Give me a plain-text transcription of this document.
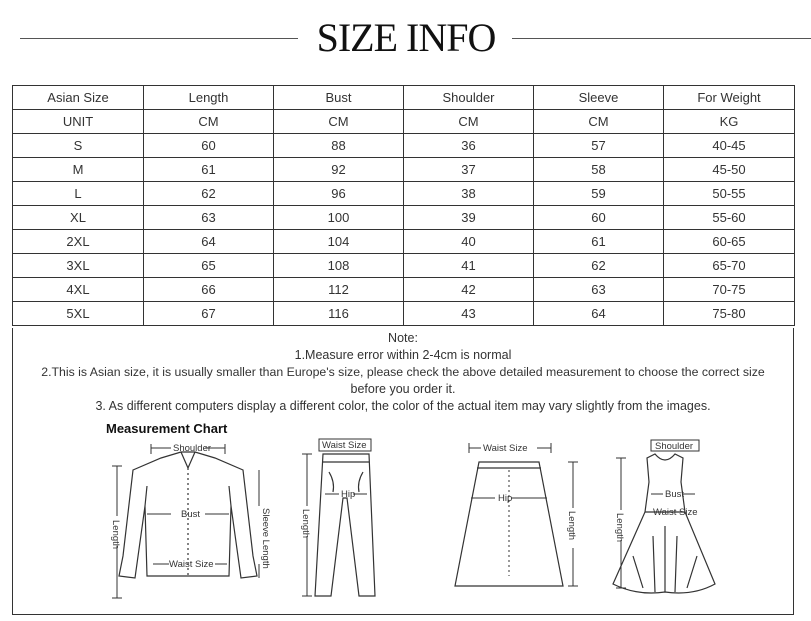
SIZE INFO
Asian Size	Length	Bust	Shoulder	Sleeve	For Weight
UNIT	CM	CM	CM	CM	KG
S	60	88	36	57	40-45
M	61	92	37	58	45-50
L	62	96	38	59	50-55
XL	63	100	39	60	55-60
2XL	64	104	40	61	60-65
3XL	65	108	41	62	65-70
4XL	66	112	42	63	70-75
5XL	67	116	43	64	75-80
Note:
1.Measure error within 2-4cm is normal
2.This is Asian size, it is usually smaller than Europe's size, please check the above detailed measurement to choose the correct size
before you order it.
3. As different computers display a different color, the color of the actual item may vary slightly from the images.
Measurement Chart
Shoulder
Bust
Waist Size
Length	Sleeve Length
Waist Size
Hip
Length
Waist Size
Hip
Length
Shoulder
Bust
Waist Size
Length
